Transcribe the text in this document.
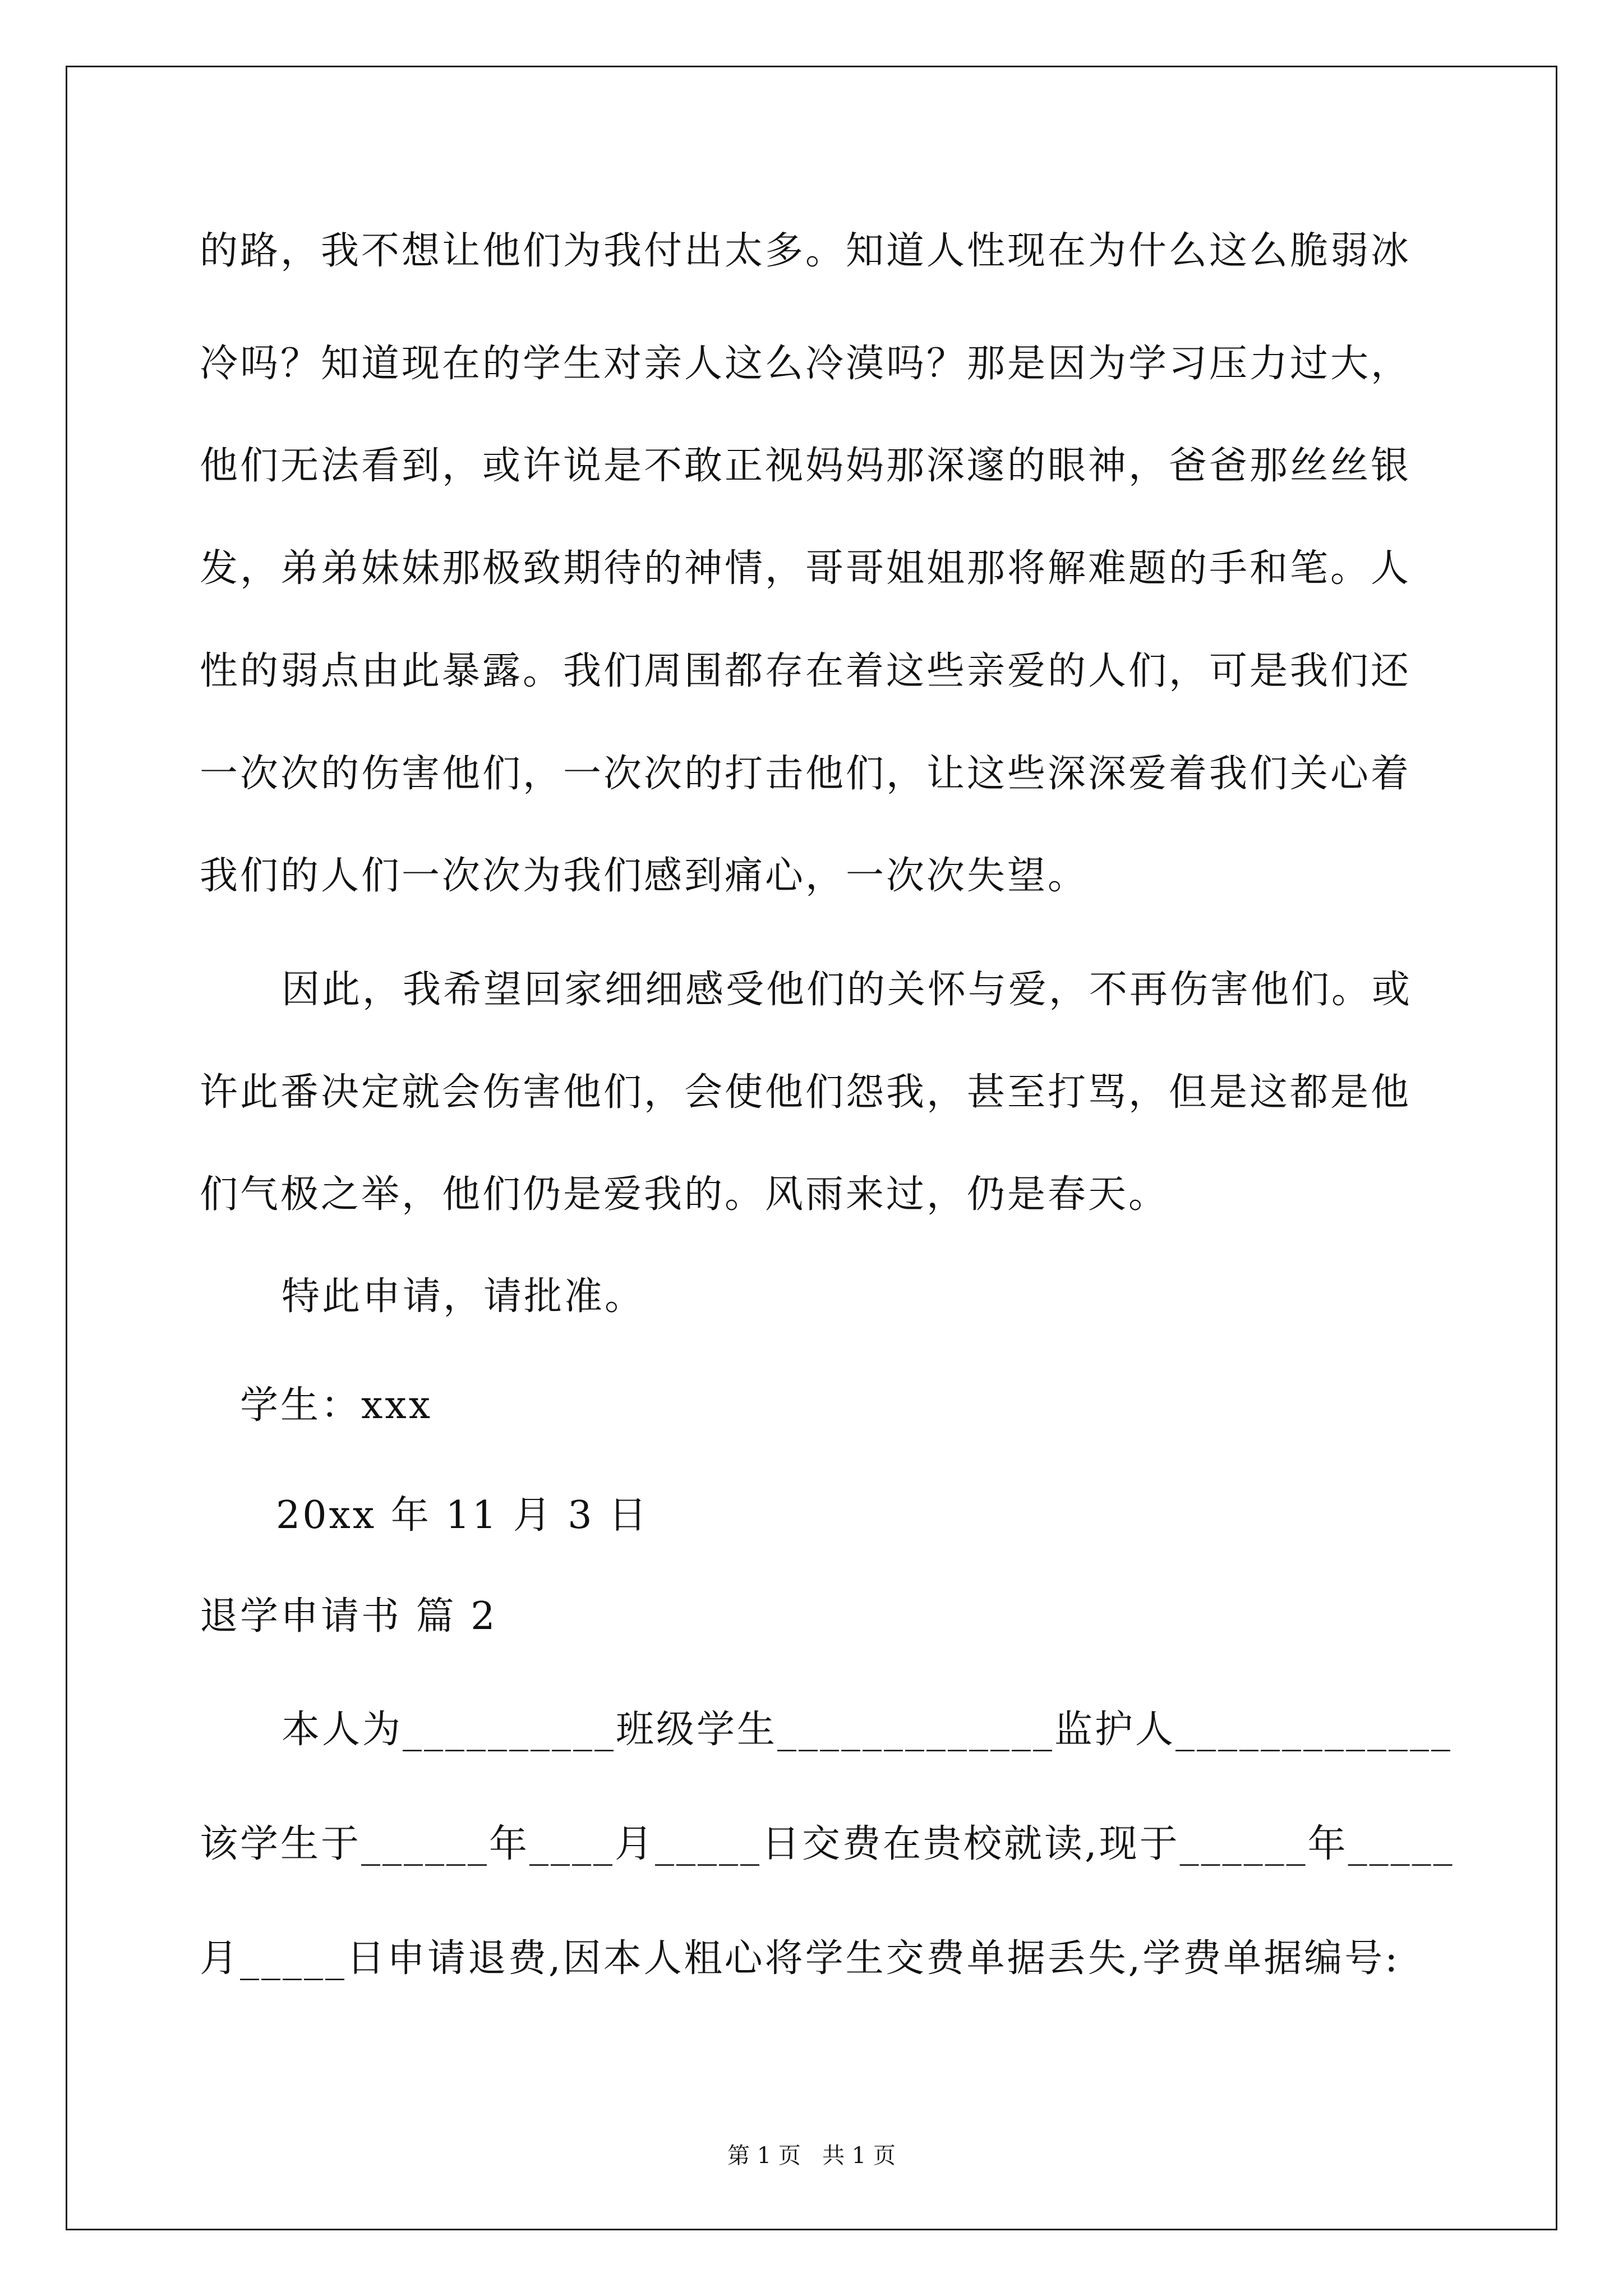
的路，我不想让他们为我付出太多。知道人性现在为什么这么脆弱冰
冷吗？知道现在的学生对亲人这么冷漠吗？那是因为学习压力过大，
他们无法看到，或许说是不敢正视妈妈那深邃的眼神，爸爸那丝丝银
发，弟弟妹妹那极致期待的神情，哥哥姐姐那将解难题的手和笔。人
性的弱点由此暴露。我们周围都存在着这些亲爱的人们，可是我们还
一次次的伤害他们，一次次的打击他们，让这些深深爱着我们关心着
我们的人们一次次为我们感到痛心，一次次失望。
因此，我希望回家细细感受他们的关怀与爱，不再伤害他们。或
许此番决定就会伤害他们，会使他们怨我，甚至打骂，但是这都是他
们气极之举，他们仍是爱我的。风雨来过，仍是春天。
特此申请，请批准。
学生：xxx
20xx 年 11 月 3 日
退学申请书 篇 2
本人为__________班级学生_____________监护人_____________
该学生于______年____月_____日交费在贵校就读,现于______年_____
月_____日申请退费,因本人粗心将学生交费单据丢失,学费单据编号:
第 1 页   共 1 页
